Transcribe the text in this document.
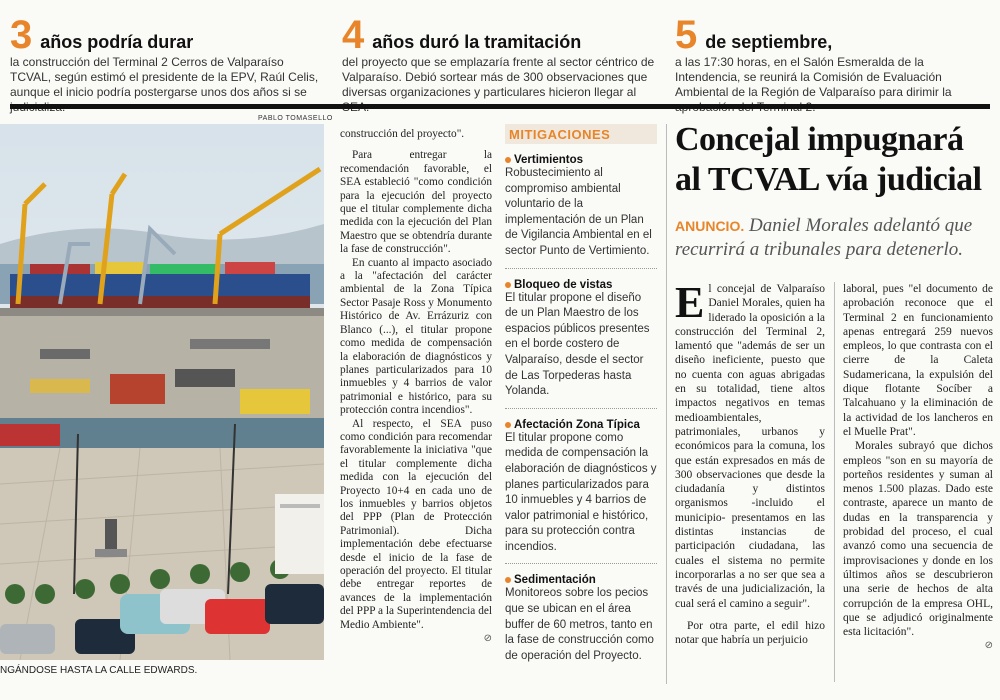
3 años podría durar
la construcción del Terminal 2 Cerros de Valparaíso TCVAL, según estimó el presidente de la EPV, Raúl Celis, aunque el inicio podría postergarse unos dos años si se
4 años duró la tramitación
del proyecto que se emplazaría frente al sector céntrico de Valparaíso. Debió sortear más de 300 observaciones que diversas organizaciones y particulares hicieron llegar al
5 de septiembre,
a las 17:30 horas, en el Salón Esmeralda de la Intendencia, se reunirá la Comisión de Evaluación Ambiental de la Región de Valparaíso para dirimir la
PABLO TOMASELLO
NGÁNDOSE HASTA LA CALLE EDWARDS.

construcción del proyecto".

Para entregar la recomendación favorable, el SEA estableció "como condición para la ejecución del proyecto que el titular complemente dicha medida con la ejecución del Plan Maestro que se obtendría durante la fase de construcción".

En cuanto al impacto asociado a la "afectación del carácter ambiental de la Zona Típica Sector Pasaje Ross y Monumento Histórico de Av. Errázuriz con Blanco (...), el titular propone como medida de compensación la elaboración de diagnósticos y planes particularizados para 10 inmuebles y 4 barrios de valor patrimonial e histórico, para su protección contra incendios".

Al respecto, el SEA puso como condición para recomendar favorablemente la iniciativa "que el titular complemente dicha medida con la ejecución del Proyecto 10+4 en cada uno de los inmuebles y barrios objetos del PPP (Plan de Protección Patrimonial). Dicha implementación debe efectuarse desde el inicio de la fase de operación del proyecto. El titular debe entregar reportes de avances de la implementación del PPP a la Superintendencia del Medio Ambiente".

⊘
MITIGACIONES
Vertimientos
Robustecimiento al compromiso ambiental voluntario de la implementación de un Plan de Vigilancia Ambiental en el sector Punto de Vertimiento.
Bloqueo de vistas
El titular propone el diseño de un Plan Maestro de los espacios públicos presentes en el borde costero de Valparaíso, desde el sector de Las Torpederas hasta Yolanda.
Afectación Zona Típica
El titular propone como medida de compensación la elaboración de diagnósticos y planes particularizados para 10 inmuebles y 4 barrios de valor patrimonial e histórico, para su protección contra incendios.
Sedimentación
Monitoreos sobre los pecios que se ubican en el área buffer de 60 metros, tanto en la fase de construcción como de operación del Proyecto.
Concejal impugnará al TCVAL vía judicial
ANUNCIO. Daniel Morales adelantó que recurrirá a tribunales para detenerlo.

El concejal de Valparaíso Daniel Morales, quien ha liderado la oposición a la construcción del Terminal 2, lamentó que "además de ser un diseño ineficiente, puesto que no cuenta con aguas abrigadas en su totalidad, tiene altos impactos negativos en temas medioambientales, patrimoniales, urbanos y económicos para la comuna, los que están expresados en más de 300 observaciones que desde la ciudadanía y distintos organismos -incluido el municipio- presentamos en las distintas instancias de participación ciudadana, las cuales el sistema no permite incorporarlas a no ser que sea a través de una judicialización, la cual será el camino a seguir".

Por otra parte, el edil hizo notar que habría un perjuicio

laboral, pues "el documento de aprobación reconoce que el Terminal 2 en funcionamiento apenas entregará 259 nuevos empleos, lo que contrasta con el cierre de la Caleta Sudamericana, la expulsión del dique flotante Socíber a Talcahuano y la eliminación de la actividad de los lancheros en el Muelle Prat".

Morales subrayó que dichos empleos "son en su mayoría de porteños residentes y suman al menos 1.500 plazas. Dado este contraste, aparece un manto de dudas en la transparencia y probidad del proceso, el cual avanzó como una secuencia de improvisaciones y donde en los últimos años se descubrieron una serie de hechos de alta corrupción de la empresa OHL, que se adjudicó originalmente esta licitación".

⊘
